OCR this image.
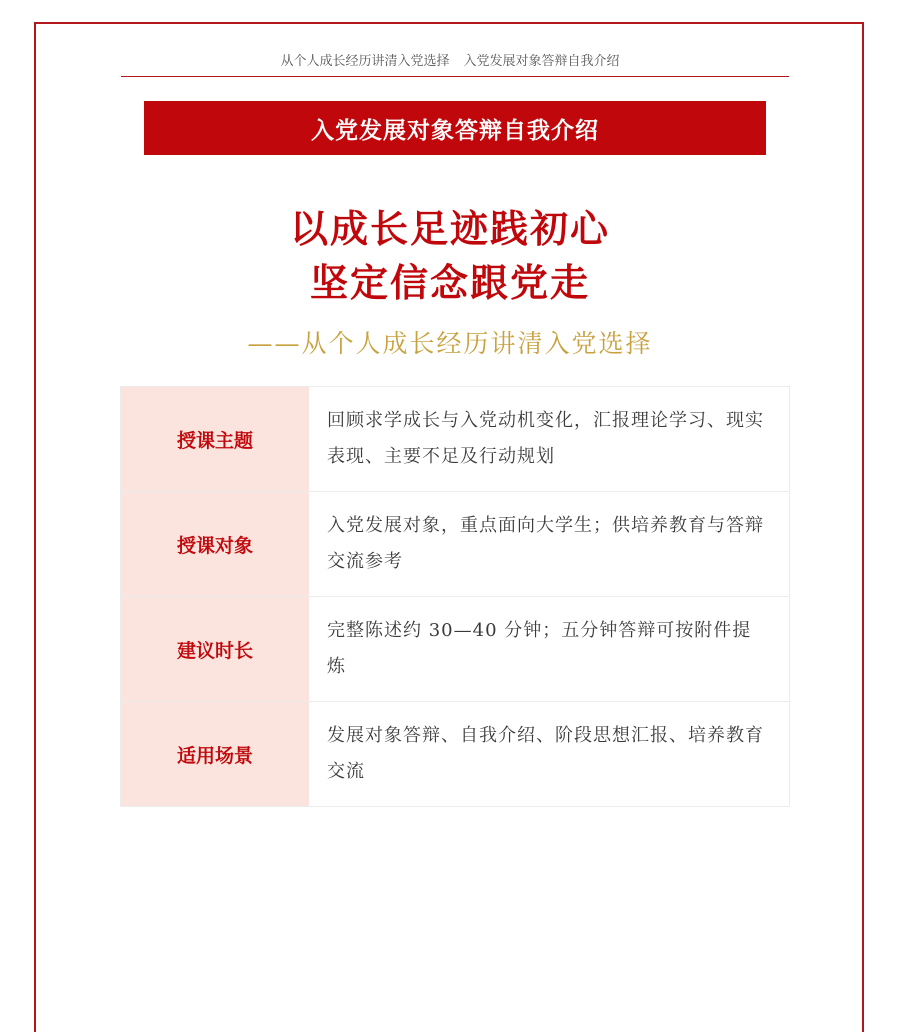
从个人成长经历讲清入党选择 入党发展对象答辩自我介绍
入党发展对象答辩自我介绍
以成长足迹践初心
坚定信念跟党走
——从个人成长经历讲清入党选择
授课主题	回顾求学成长与入党动机变化，汇报理论学习、现实表现、主要不足及行动规划
授课对象	入党发展对象，重点面向大学生；供培养教育与答辩交流参考
建议时长	完整陈述约 30—40 分钟；五分钟答辩可按附件提炼
适用场景	发展对象答辩、自我介绍、阶段思想汇报、培养教育交流
